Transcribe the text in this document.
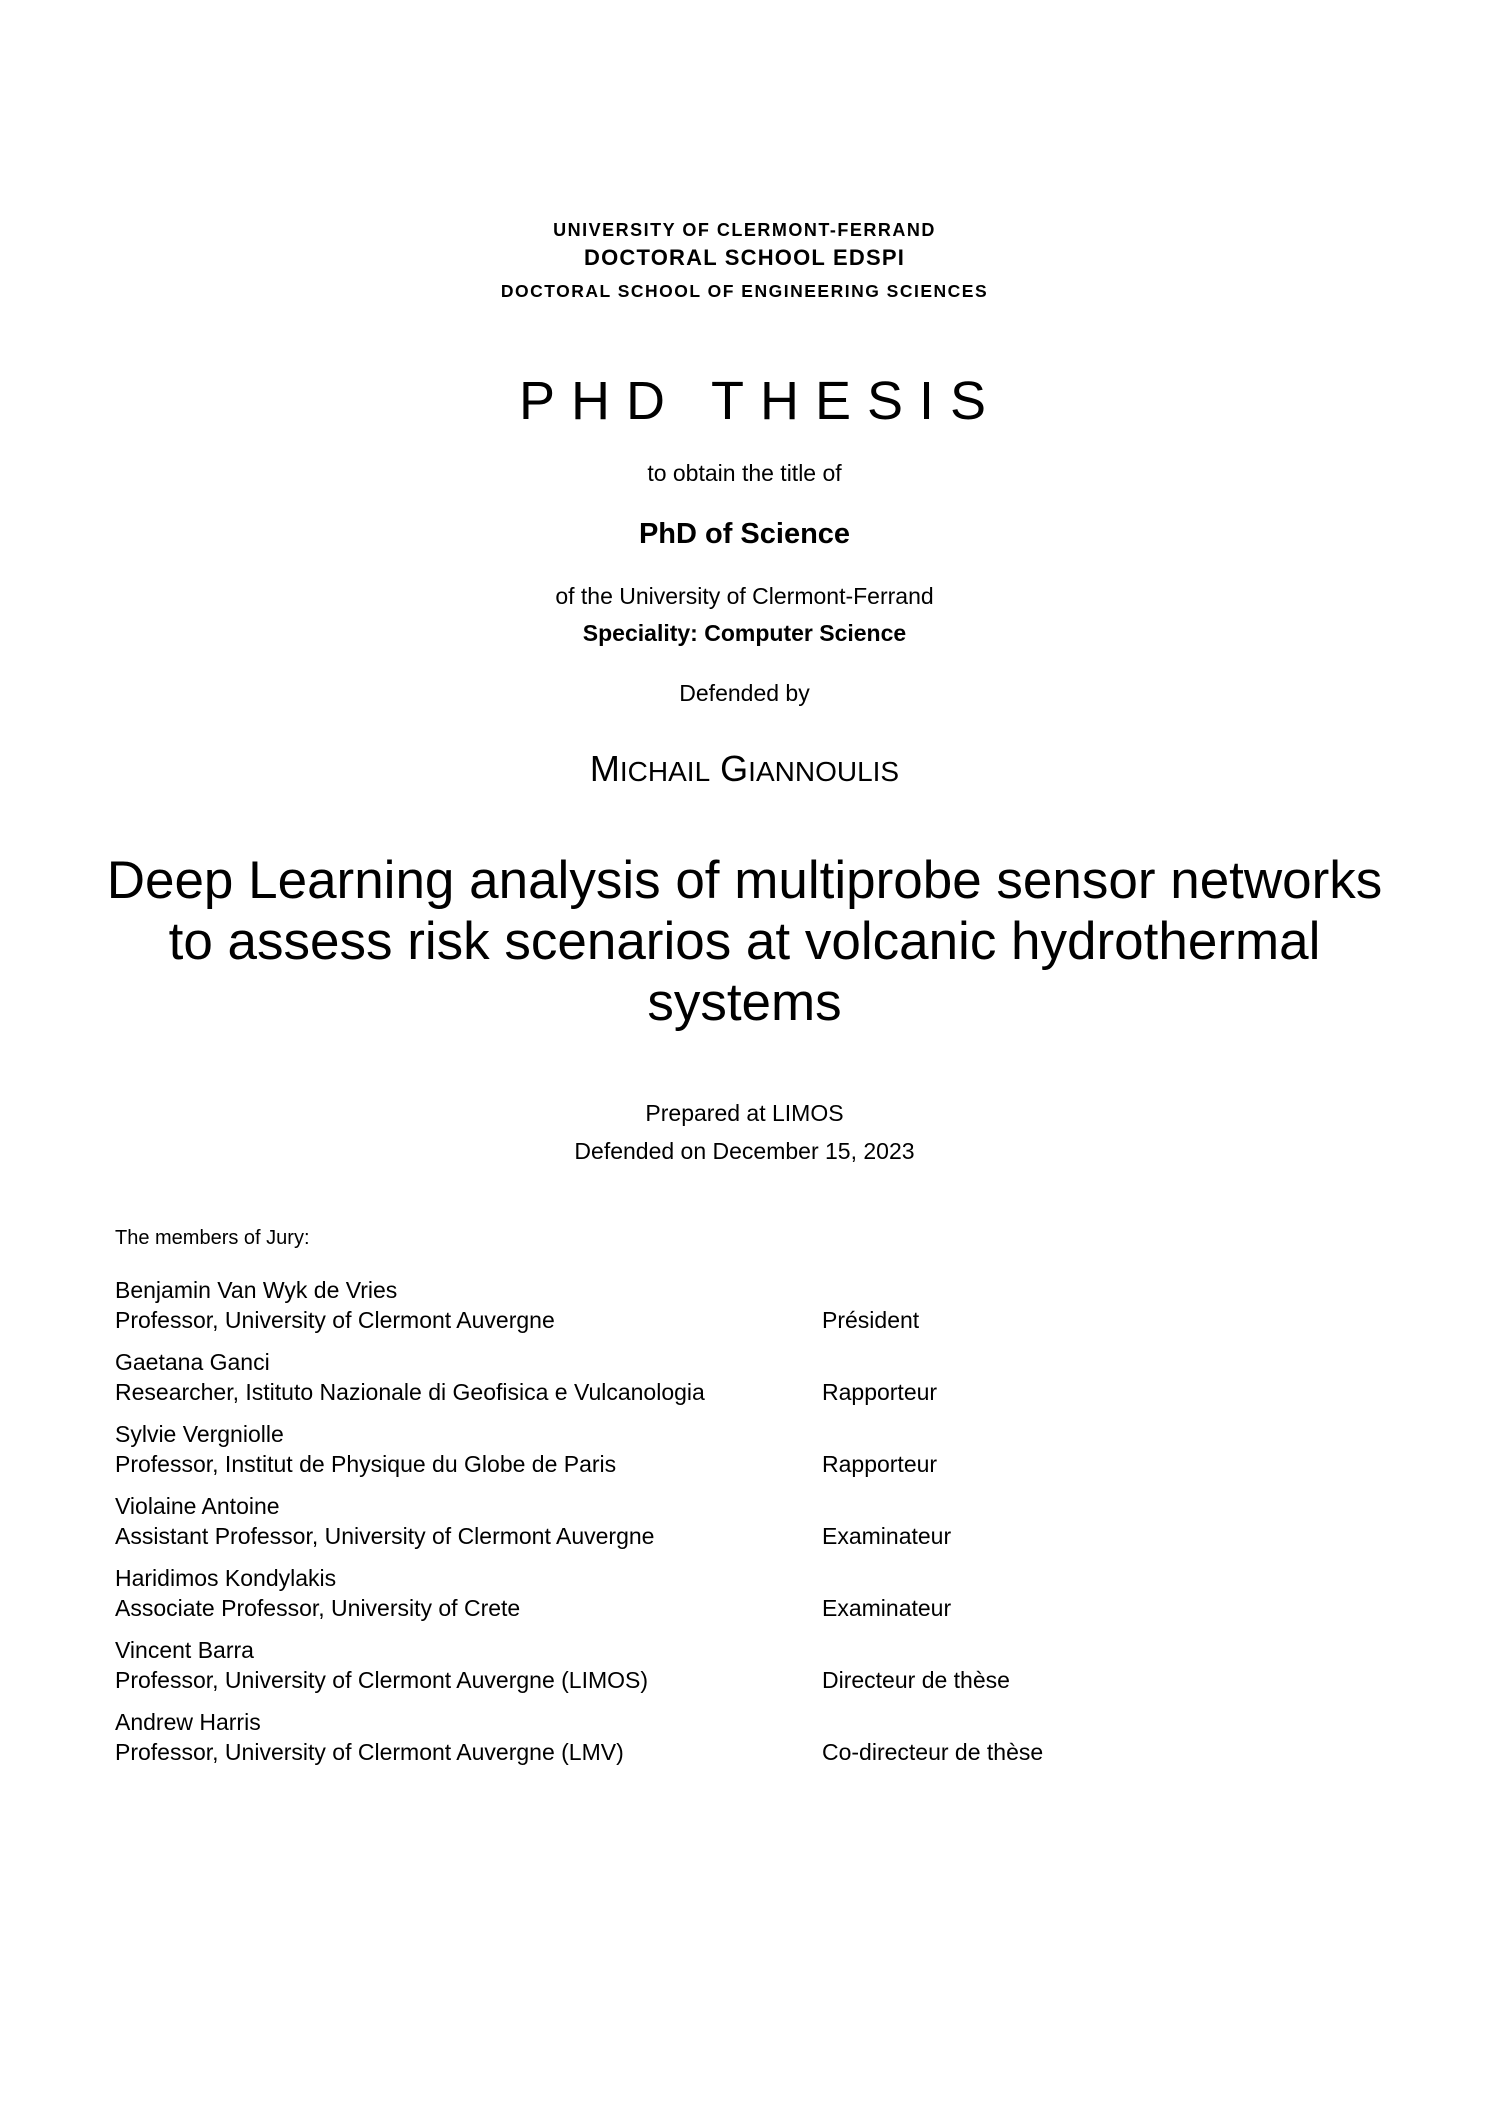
UNIVERSITY OF CLERMONT-FERRAND
DOCTORAL SCHOOL EDSPI
DOCTORAL SCHOOL OF ENGINEERING SCIENCES
PHD THESIS
to obtain the title of
PhD of Science
of the University of Clermont-Ferrand
Speciality: Computer Science
Defended by
MICHAIL GIANNOULIS
Deep Learning analysis of multiprobe sensor networks to assess risk scenarios at volcanic hydrothermal systems
Prepared at LIMOS
Defended on December 15, 2023
The members of Jury:
Benjamin Van Wyk de Vries
Professor, University of Clermont Auvergne	Président
Gaetana Ganci
Researcher, Istituto Nazionale di Geofisica e Vulcanologia	Rapporteur
Sylvie Vergniolle
Professor, Institut de Physique du Globe de Paris	Rapporteur
Violaine Antoine
Assistant Professor, University of Clermont Auvergne	Examinateur
Haridimos Kondylakis
Associate Professor, University of Crete	Examinateur
Vincent Barra
Professor, University of Clermont Auvergne (LIMOS)	Directeur de thèse
Andrew Harris
Professor, University of Clermont Auvergne (LMV)	Co-directeur de thèse
